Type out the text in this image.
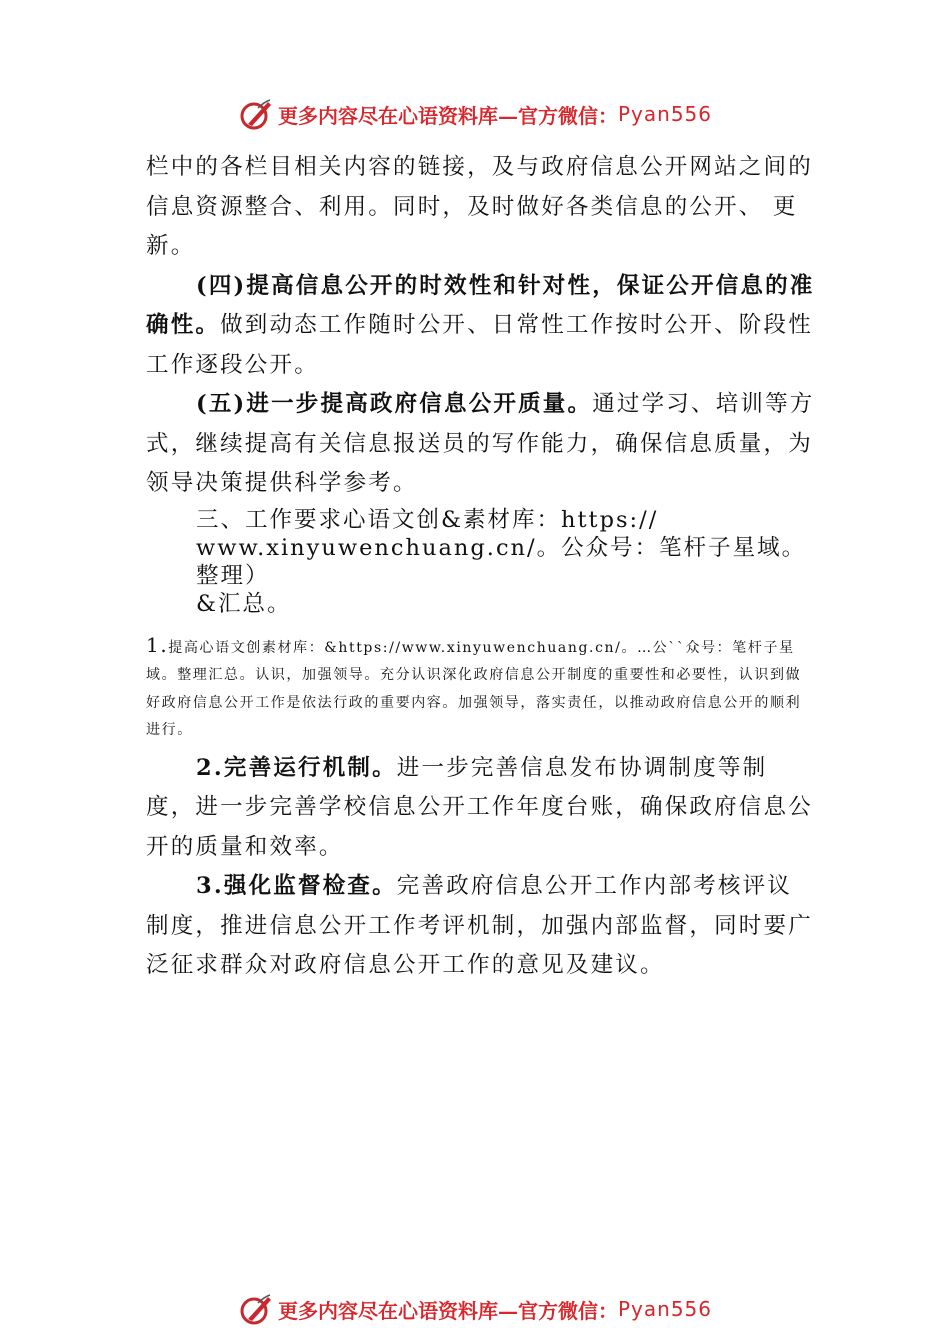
更多内容尽在心语资料库—官方微信： Pyan556

栏中的各栏目相关内容的链接，及与政府信息公开网站之间的信息资源整合、利用。同时，及时做好各类信息的公开、 更新。

(四)提高信息公开的时效性和针对性，保证公开信息的准确性。做到动态工作随时公开、日常性工作按时公开、阶段性工作逐段公开。

(五)进一步提高政府信息公开质量。通过学习、培训等方式，继续提高有关信息报送员的写作能力，确保信息质量，为领导决策提供科学参考。

三、工作要求心语文创&素材库：https://
www.xinyuwenchuang.cn/。公众号：笔杆子星域。整理）
&汇总。

1.提高心语文创素材库：&https://www.xinyuwenchuang.cn/。…公``众号：笔杆子星域。整理汇总。认识，加强领导。充分认识深化政府信息公开制度的重要性和必要性，认识到做好政府信息公开工作是依法行政的重要内容。加强领导，落实责任，以推动政府信息公开的顺利进行。

2.完善运行机制。进一步完善信息发布协调制度等制度，进一步完善学校信息公开工作年度台账，确保政府信息公开的质量和效率。

3.强化监督检查。完善政府信息公开工作内部考核评议制度，推进信息公开工作考评机制，加强内部监督，同时要广泛征求群众对政府信息公开工作的意见及建议。

更多内容尽在心语资料库—官方微信： Pyan556
